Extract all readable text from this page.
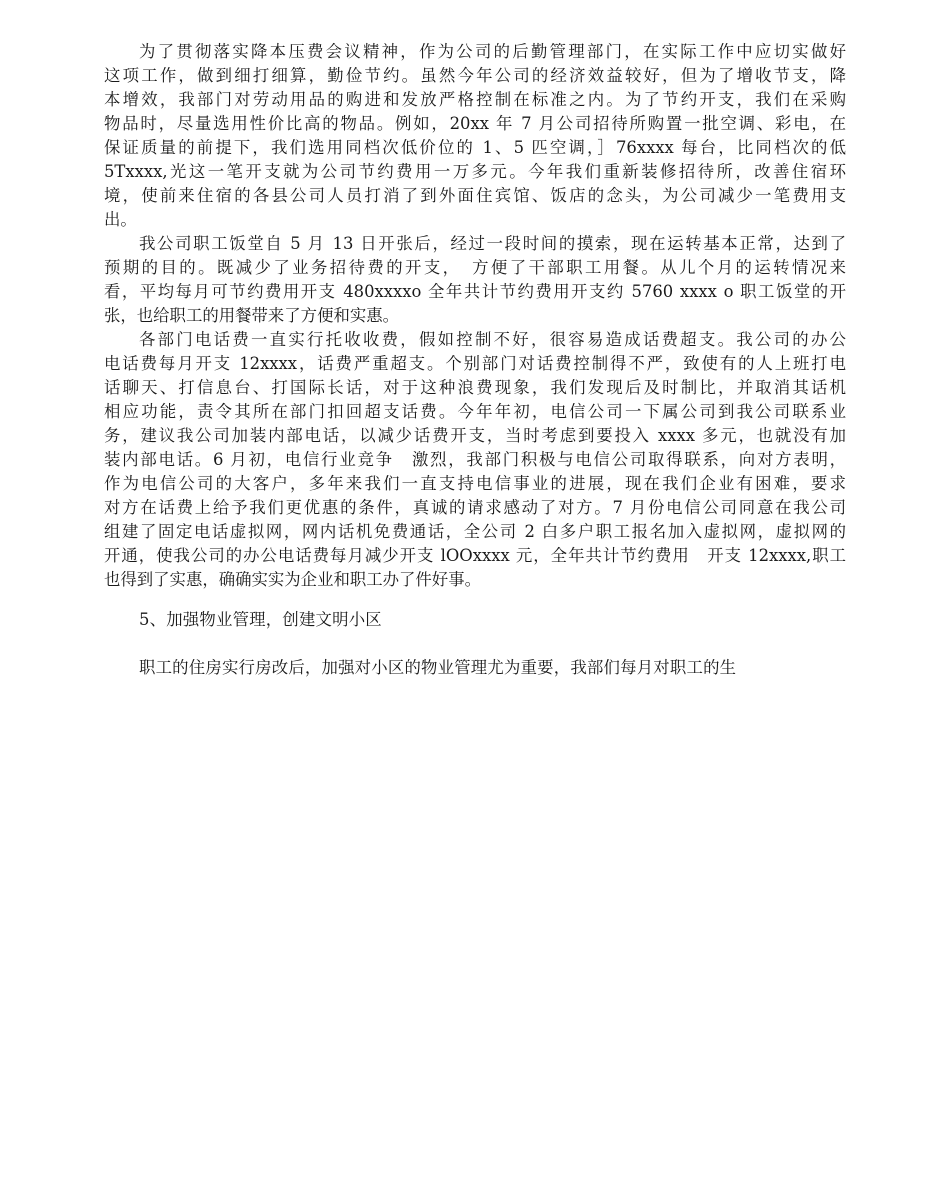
为了贯彻落实降本压费会议精神，作为公司的后勤管理部门，在实际工作中应切实做好
这项工作，做到细打细算，勤俭节约。虽然今年公司的经济效益较好，但为了增收节支，降
本增效，我部门对劳动用品的购进和发放严格控制在标准之内。为了节约开支，我们在采购
物品时，尽量选用性价比高的物品。例如，20xx 年 7 月公司招待所购置一批空调、彩电，在
保证质量的前提下，我们选用同档次低价位的 1、5 匹空调，］76xxxx 每台，比同档次的低
5Txxxx,光这一笔开支就为公司节约费用一万多元。今年我们重新装修招待所，改善住宿环
境，使前来住宿的各县公司人员打消了到外面住宾馆、饭店的念头，为公司减少一笔费用支
出。
我公司职工饭堂自 5 月 13 日开张后，经过一段时间的摸索，现在运转基本正常，达到了
预期的目的。既减少了业务招待费的开支，　方便了干部职工用餐。从儿个月的运转情况来
看，平均每月可节约费用开支 480xxxxo 全年共计节约费用开支约 5760 xxxx o 职工饭堂的开
张，也给职工的用餐带来了方便和实惠。
各部门电话费一直实行托收收费，假如控制不好，很容易造成话费超支。我公司的办公
电话费每月开支 12xxxx，话费严重超支。个别部门对话费控制得不严，致使有的人上班打电
话聊天、打信息台、打国际长话，对于这种浪费现象，我们发现后及时制比，并取消其话机
相应功能，责令其所在部门扣回超支话费。今年年初，电信公司一下属公司到我公司联系业
务，建议我公司加装内部电话，以减少话费开支，当时考虑到要投入 xxxx 多元，也就没有加
装内部电话。6 月初，电信行业竞争　激烈，我部门积极与电信公司取得联系，向对方表明，
作为电信公司的大客户，多年来我们一直支持电信事业的进展，现在我们企业有困难，要求
对方在话费上给予我们更优惠的条件，真诚的请求感动了对方。7 月份电信公司同意在我公司
组建了固定电话虚拟网，网内话机免费通话，全公司 2 白多户职工报名加入虚拟网，虚拟网的
开通，使我公司的办公电话费每月减少开支 lOOxxxx 元，全年共计节约费用　开支 12xxxx,职工
也得到了实惠，确确实实为企业和职工办了件好事。
5、加强物业管理，创建文明小区
职工的住房实行房改后，加强对小区的物业管理尤为重要，我部们每月对职工的生
